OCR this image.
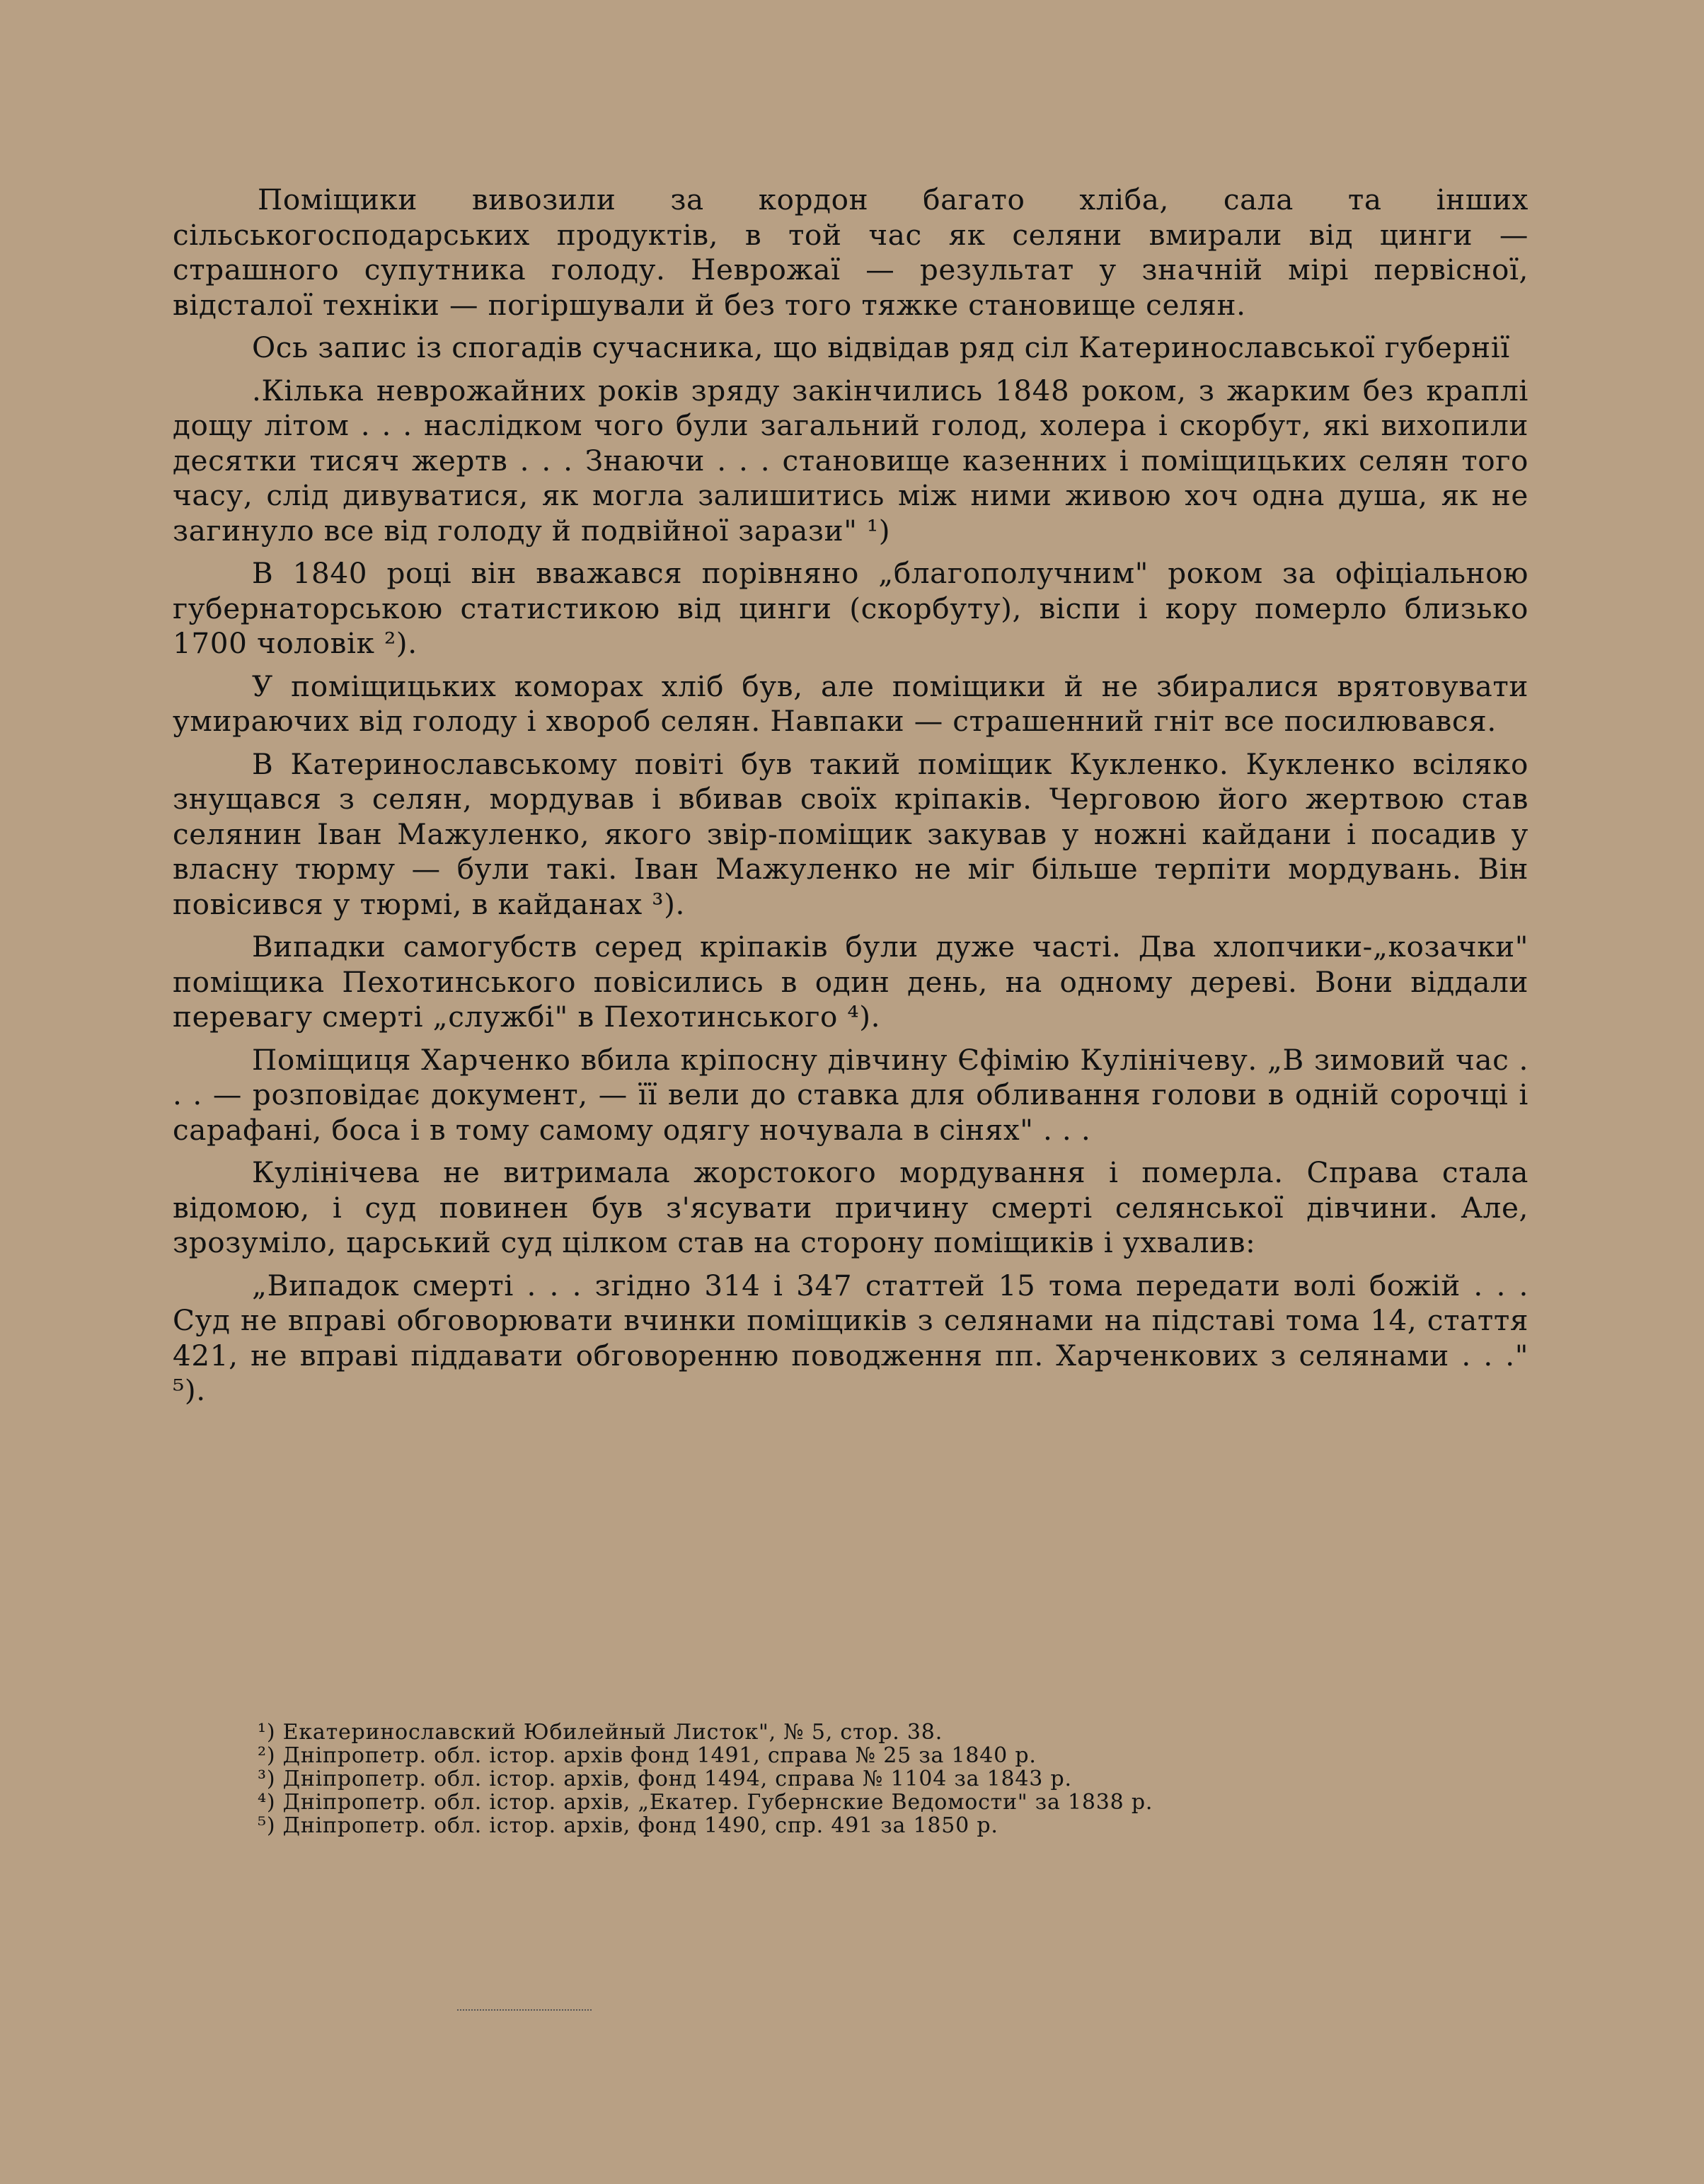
Поміщики вивозили за кордон багато хліба, сала та інших сільськогосподарських продуктів, в той час як селяни вмирали від цинги — страшного супутника голоду. Неврожаї — результат у значній мірі первісної, відсталої техніки — погіршували й без того тяжке становище селян.

Ось запис із спогадів сучасника, що відвідав ряд сіл Катеринославської губернії

.Кілька неврожайних років зряду закінчились 1848 роком, з жарким без краплі дощу літом . . . наслідком чого були загальний голод, холера і скорбут, які вихопили десятки тисяч жертв . . . Знаючи . . . становище казенних і поміщицьких селян того часу, слід дивуватися, як могла залишитись між ними живою хоч одна душа, як не загинуло все від голоду й подвійної зарази" ¹)

В 1840 році він вважався порівняно „благополучним" роком за офіціальною губернаторською статистикою від цинги (скорбуту), віспи і кору померло близько 1700 чоловік ²).

У поміщицьких коморах хліб був, але поміщики й не збиралися врятовувати умираючих від голоду і хвороб селян. Навпаки — страшенний гніт все посилювався.

В Катеринославському повіті був такий поміщик Кукленко. Кукленко всіляко знущався з селян, мордував і вбивав своїх кріпаків. Черговою його жертвою став селянин Іван Мажуленко, якого звір-поміщик закував у ножні кайдани і посадив у власну тюрму — були такі. Іван Мажуленко не міг більше терпіти мордувань. Він повісився у тюрмі, в кайданах ³).

Випадки самогубств серед кріпаків були дуже часті. Два хлопчики-„козачки" поміщика Пехотинського повісились в один день, на одному дереві. Вони віддали перевагу смерті „службі" в Пехотинського ⁴).

Поміщиця Харченко вбила кріпосну дівчину Єфімію Кулінічеву. „В зимовий час . . . — розповідає документ, — її вели до ставка для обливання голови в одній сорочці і сарафані, боса і в тому самому одягу ночувала в сінях" . . .

Кулінічева не витримала жорстокого мордування і померла. Справа стала відомою, і суд повинен був з'ясувати причину смерті селянської дівчини. Але, зрозуміло, царський суд цілком став на сторону поміщиків і ухвалив:

„Випадок смерті . . . згідно 314 і 347 статтей 15 тома передати волі божій . . . Суд не вправі обговорювати вчинки поміщиків з селянами на підставі тома 14, стаття 421, не вправі піддавати обговоренню поводження пп. Харченкових з селянами . . ." ⁵).

¹) Екатеринославский Юбилейный Листок", № 5, стор. 38.

²) Дніпропетр. обл. істор. архів фонд 1491, справа № 25 за 1840 р.

³) Дніпропетр. обл. істор. архів, фонд 1494, справа № 1104 за 1843 р.

⁴) Дніпропетр. обл. істор. архів, „Екатер. Губернские Ведомости" за 1838 р.

⁵) Дніпропетр. обл. істор. архів, фонд 1490, спр. 491 за 1850 р.
